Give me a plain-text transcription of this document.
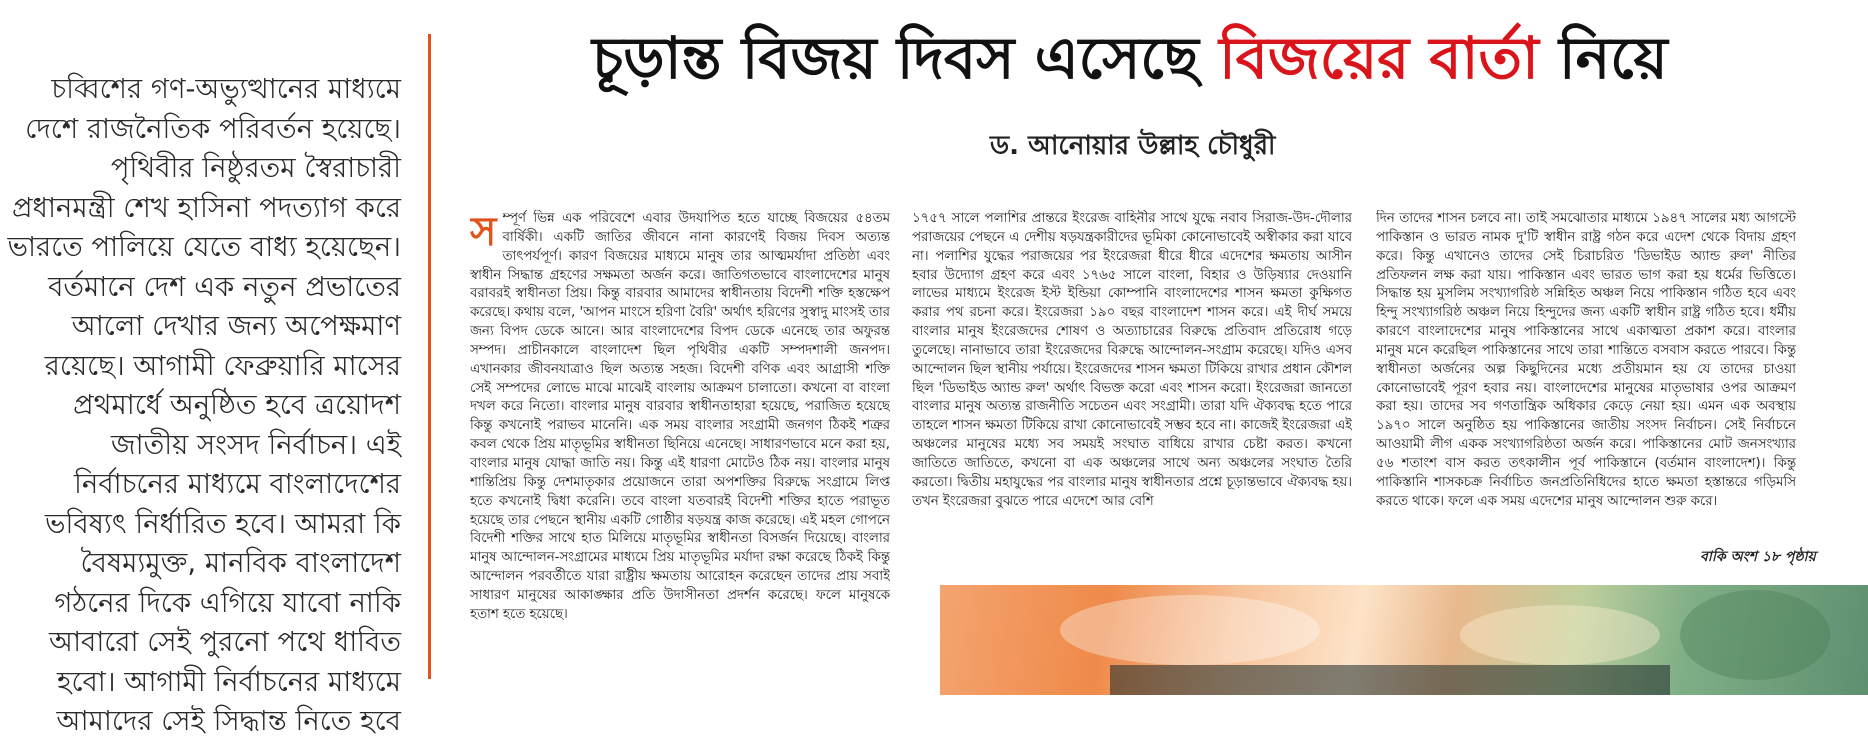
চব্বিশের গণ-অভ্যুত্থানের মাধ্যমে

দেশে রাজনৈতিক পরিবর্তন হয়েছে।

পৃথিবীর নিষ্ঠুরতম স্বৈরাচারী

প্রধানমন্ত্রী শেখ হাসিনা পদত্যাগ করে

ভারতে পালিয়ে যেতে বাধ্য হয়েছেন।

বর্তমানে দেশ এক নতুন প্রভাতের

আলো দেখার জন্য অপেক্ষমাণ

রয়েছে। আগামী ফেব্রুয়ারি মাসের

প্রথমার্ধে অনুষ্ঠিত হবে ত্রয়োদশ

জাতীয় সংসদ নির্বাচন। এই

নির্বাচনের মাধ্যমে বাংলাদেশের

ভবিষ্যৎ নির্ধারিত হবে। আমরা কি

বৈষম্যমুক্ত, মানবিক বাংলাদেশ

গঠনের দিকে এগিয়ে যাবো নাকি

আবারো সেই পুরনো পথে ধাবিত

হবো। আগামী নির্বাচনের মাধ্যমে

আমাদের সেই সিদ্ধান্ত নিতে হবে

চূড়ান্ত বিজয় দিবস এসেছে বিজয়ের বার্তা নিয়ে
ড. আনোয়ার উল্লাহ চৌধুরী
স ম্পূর্ণ ভিন্ন এক পরিবেশে এবার উদযাপিত হতে যাচ্ছে বিজয়ের ৫৪তম বার্ষিকী। একটি জাতির জীবনে নানা কারণেই বিজয় দিবস অত্যন্ত তাৎপর্যপূর্ণ। কারণ বিজয়ের মাধ্যমে মানুষ তার আত্মমর্যাদা প্রতিষ্ঠা এবং স্বাধীন সিদ্ধান্ত গ্রহণের সক্ষমতা অর্জন করে। জাতিগতভাবে বাংলাদেশের মানুষ বরাবরই স্বাধীনতা প্রিয়। কিন্তু বারবার আমাদের স্বাধীনতায় বিদেশী শক্তি হস্তক্ষেপ করেছে। কথায় বলে, 'আপন মাংসে হরিণা বৈরি' অর্থাৎ হরিণের সুস্বাদু মাংসই তার জন্য বিপদ ডেকে আনে। আর বাংলাদেশের বিপদ ডেকে এনেছে তার অফুরন্ত সম্পদ। প্রাচীনকালে বাংলাদেশ ছিল পৃথিবীর একটি সম্পদশালী জনপদ। এখানকার জীবনযাত্রাও ছিল অত্যন্ত সহজ। বিদেশী বণিক এবং আগ্রাসী শক্তি সেই সম্পদের লোভে মাঝে মাঝেই বাংলায় আক্রমণ চালাতো। কখনো বা বাংলা দখল করে নিতো। বাংলার মানুষ বারবার স্বাধীনতাহারা হয়েছে, পরাজিত হয়েছে কিন্তু কখনোই পরাভব মানেনি। এক সময় বাংলার সংগ্রামী জনগণ ঠিকই শত্রুর কবল থেকে প্রিয় মাতৃভূমির স্বাধীনতা ছিনিয়ে এনেছে। সাধারণভাবে মনে করা হয়, বাংলার মানুষ যোদ্ধা জাতি নয়। কিন্তু এই ধারণা মোটেও ঠিক নয়। বাংলার মানুষ শান্তিপ্রিয় কিন্তু দেশমাতৃকার প্রয়োজনে তারা অপশক্তির বিরুদ্ধে সংগ্রামে লিপ্ত হতে কখনোই দ্বিধা করেনি। তবে বাংলা যতবারই বিদেশী শক্তির হাতে পরাভূত হয়েছে তার পেছনে স্থানীয় একটি গোষ্ঠীর ষড়যন্ত্র কাজ করেছে। এই মহল গোপনে বিদেশী শক্তির সাথে হাত মিলিয়ে মাতৃভূমির স্বাধীনতা বিসর্জন দিয়েছে। বাংলার মানুষ আন্দোলন-সংগ্রামের মাধ্যমে প্রিয় মাতৃভূমির মর্যাদা রক্ষা করেছে ঠিকই কিন্তু আন্দোলন পরবর্তীতে যারা রাষ্ট্রীয় ক্ষমতায় আরোহন করেছেন তাদের প্রায় সবাই সাধারণ মানুষের আকাঙ্ক্ষার প্রতি উদাসীনতা প্রদর্শন করেছে। ফলে মানুষকে হতাশ হতে হয়েছে।

১৭৫৭ সালে পলাশির প্রান্তরে ইংরেজ বাহিনীর সাথে যুদ্ধে নবাব সিরাজ-উদ-দৌলার পরাজয়ের পেছনে এ দেশীয় ষড়যন্ত্রকারীদের ভূমিকা কোনোভাবেই অস্বীকার করা যাবে না। পলাশির যুদ্ধের পরাজয়ের পর ইংরেজরা ধীরে ধীরে এদেশের ক্ষমতায় আসীন হবার উদ্যোগ গ্রহণ করে এবং ১৭৬৫ সালে বাংলা, বিহার ও উড়িষ্যার দেওয়ানি লাভের মাধ্যমে ইংরেজ ইস্ট ইন্ডিয়া কোম্পানি বাংলাদেশের শাসন ক্ষমতা কুক্ষিগত করার পথ রচনা করে। ইংরেজরা ১৯০ বছর বাংলাদেশ শাসন করে। এই দীর্ঘ সময়ে বাংলার মানুষ ইংরেজদের শোষণ ও অত্যাচারের বিরুদ্ধে প্রতিবাদ প্রতিরোধ গড়ে তুলেছে। নানাভাবে তারা ইংরেজদের বিরুদ্ধে আন্দোলন-সংগ্রাম করেছে। যদিও এসব আন্দোলন ছিল স্থানীয় পর্যায়ে। ইংরেজদের শাসন ক্ষমতা টিকিয়ে রাখার প্রধান কৌশল ছিল 'ডিভাইড অ্যান্ড রুল' অর্থাৎ বিভক্ত করো এবং শাসন করো। ইংরেজরা জানতো বাংলার মানুষ অত্যন্ত রাজনীতি সচেতন এবং সংগ্রামী। তারা যদি ঐক্যবদ্ধ হতে পারে তাহলে শাসন ক্ষমতা টিকিয়ে রাখা কোনোভাবেই সম্ভব হবে না। কাজেই ইংরেজরা এই অঞ্চলের মানুষের মধ্যে সব সময়ই সংঘাত বাধিয়ে রাখার চেষ্টা করত। কখনো জাতিতে জাতিতে, কখনো বা এক অঞ্চলের সাথে অন্য অঞ্চলের সংঘাত তৈরি করতো। দ্বিতীয় মহাযুদ্ধের পর বাংলার মানুষ স্বাধীনতার প্রশ্নে চূড়ান্তভাবে ঐক্যবদ্ধ হয়। তখন ইংরেজরা বুঝতে পারে এদেশে আর বেশি

দিন তাদের শাসন চলবে না। তাই সমঝোতার মাধ্যমে ১৯৪৭ সালের মধ্য আগস্টে পাকিস্তান ও ভারত নামক দু'টি স্বাধীন রাষ্ট্র গঠন করে এদেশ থেকে বিদায় গ্রহণ করে। কিন্তু এখানেও তাদের সেই চিরাচরিত 'ডিভাইড অ্যান্ড রুল' নীতির প্রতিফলন লক্ষ করা যায়। পাকিস্তান এবং ভারত ভাগ করা হয় ধর্মের ভিত্তিতে। সিদ্ধান্ত হয় মুসলিম সংখ্যাগরিষ্ঠ সন্নিহিত অঞ্চল নিয়ে পাকিস্তান গঠিত হবে এবং হিন্দু সংখ্যাগরিষ্ঠ অঞ্চল নিয়ে হিন্দুদের জন্য একটি স্বাধীন রাষ্ট্র গঠিত হবে। ধর্মীয় কারণে বাংলাদেশের মানুষ পাকিস্তানের সাথে একাত্মতা প্রকাশ করে। বাংলার মানুষ মনে করেছিল পাকিস্তানের সাথে তারা শান্তিতে বসবাস করতে পারবে। কিন্তু স্বাধীনতা অর্জনের অল্প কিছুদিনের মধ্যে প্রতীয়মান হয় যে তাদের চাওয়া কোনোভাবেই পূরণ হবার নয়। বাংলাদেশের মানুষের মাতৃভাষার ওপর আক্রমণ করা হয়। তাদের সব গণতান্ত্রিক অধিকার কেড়ে নেয়া হয়। এমন এক অবস্থায় ১৯৭০ সালে অনুষ্ঠিত হয় পাকিস্তানের জাতীয় সংসদ নির্বাচন। সেই নির্বাচনে আওয়ামী লীগ একক সংখ্যাগরিষ্ঠতা অর্জন করে। পাকিস্তানের মোট জনসংখ্যার ৫৬ শতাংশ বাস করত তৎকালীন পূর্ব পাকিস্তানে (বর্তমান বাংলাদেশ)। কিন্তু পাকিস্তানি শাসকচক্র নির্বাচিত জনপ্রতিনিধিদের হাতে ক্ষমতা হস্তান্তরে গড়িমসি করতে থাকে। ফলে এক সময় এদেশের মানুষ আন্দোলন শুরু করে।

বাকি অংশ ১৮ পৃষ্ঠায়
